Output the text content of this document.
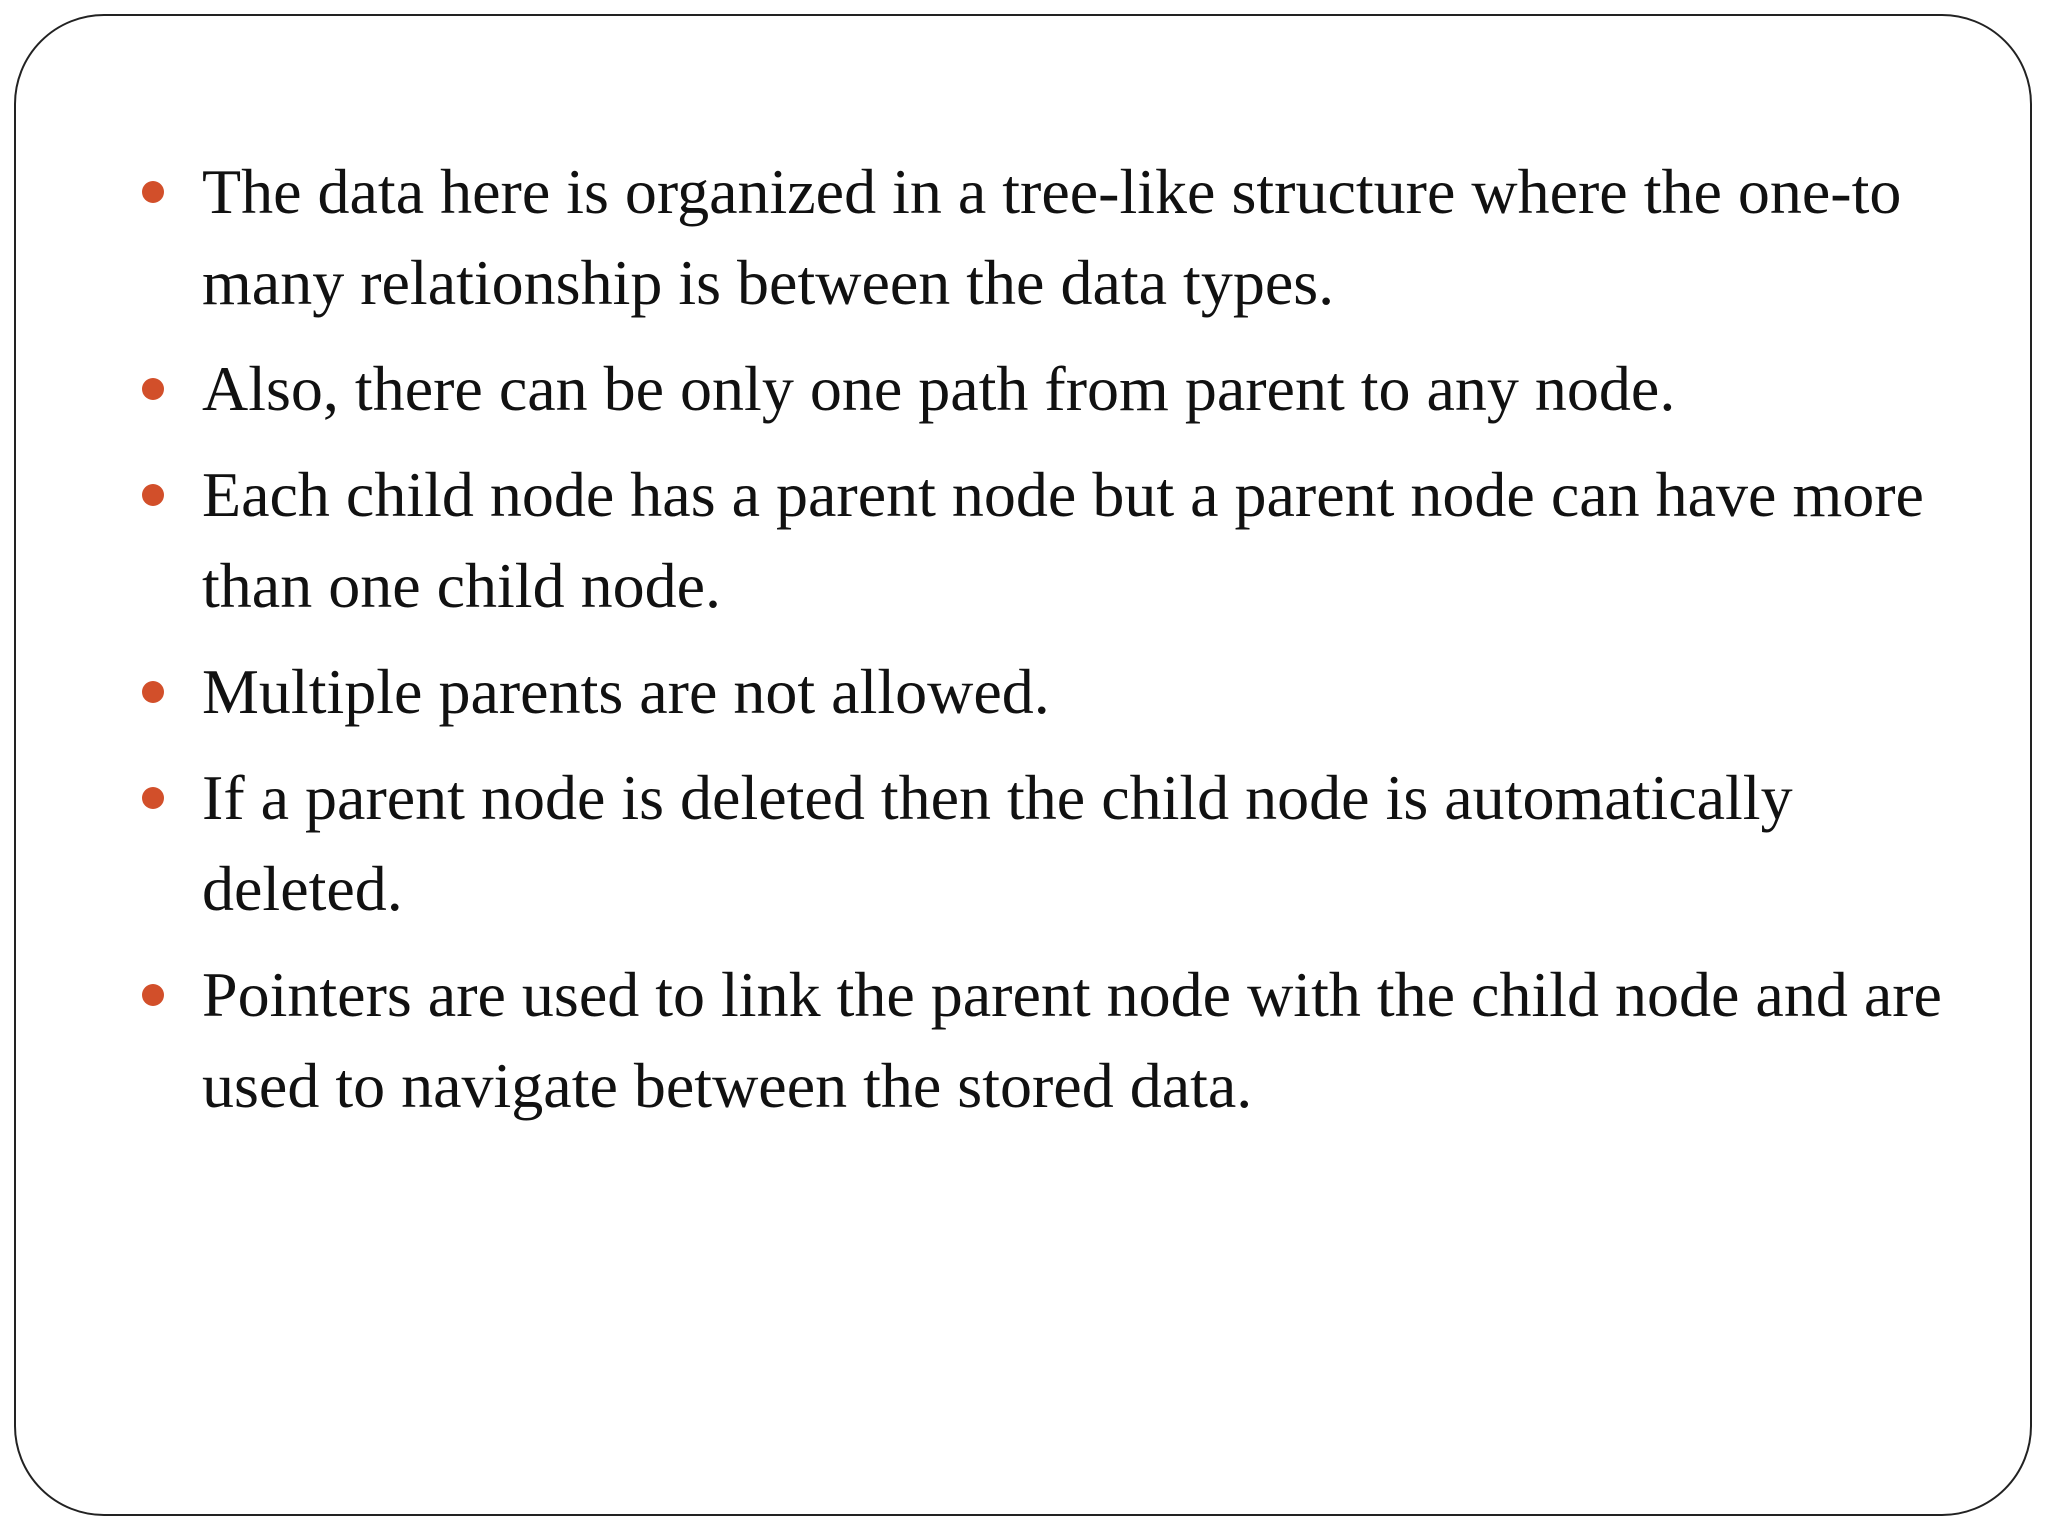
The data here is organized in a tree-like structure where the one-to many relationship is between the data types.
Also, there can be only one path from parent to any node.
Each child node has a parent node but a parent node can have more than one child node.
Multiple parents are not allowed.
If a parent node is deleted then the child node is automatically deleted.
Pointers are used to link the parent node with the child node and are used to navigate between the stored data.
